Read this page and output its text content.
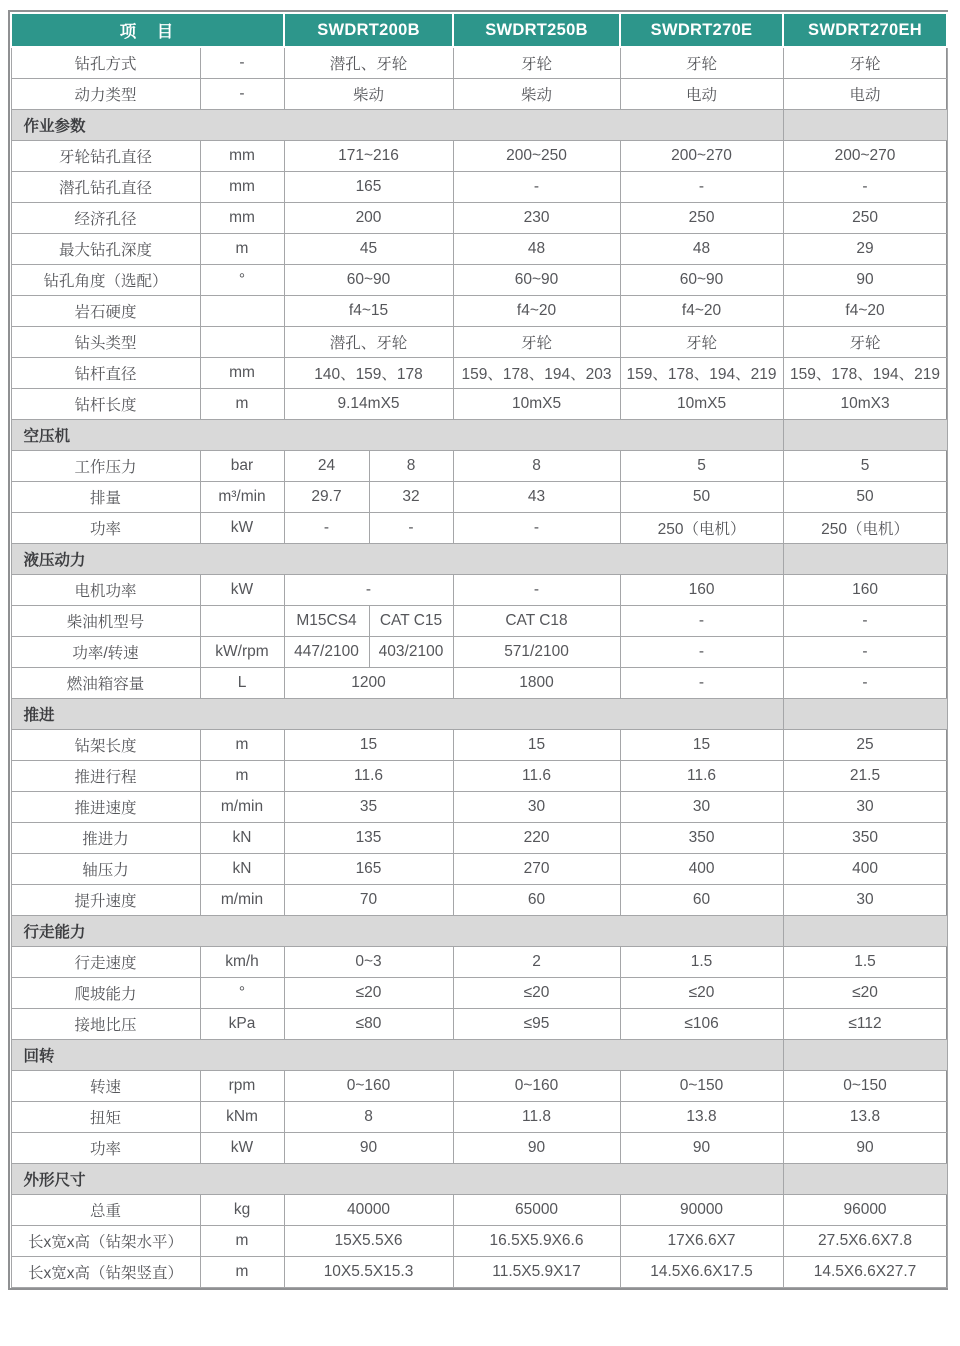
项　目		SWDRT200B		SWDRT250B	SWDRT270E	SWDRT270EH
钻孔方式	-	潜孔、牙轮		牙轮	牙轮	牙轮
动力类型	-	柴动		柴动	电动	电动
作业参数						
牙轮钻孔直径	mm	171~216		200~250	200~270	200~270
潜孔钻孔直径	mm	165		-	-	-
经济孔径	mm	200		230	250	250
最大钻孔深度	m	45		48	48	29
钻孔角度（选配）	°	60~90		60~90	60~90	90
岩石硬度		f4~15		f4~20	f4~20	f4~20
钻头类型		潜孔、牙轮		牙轮	牙轮	牙轮
钻杆直径	mm	140、159、178		159、178、194、203	159、178、194、219	159、178、194、219
钻杆长度	m	9.14mX5		10mX5	10mX5	10mX3
空压机						
工作压力	bar	24	8	8	5	5
排量	m³/min	29.7	32	43	50	50
功率	kW	-	-	-	250（电机）	250（电机）
液压动力						
电机功率	kW	-		-	160	160
柴油机型号		M15CS4	CAT C15	CAT C18	-	-
功率/转速	kW/rpm	447/2100	403/2100	571/2100	-	-
燃油箱容量	L	1200		1800	-	-
推进						
钻架长度	m	15		15	15	25
推进行程	m	11.6		11.6	11.6	21.5
推进速度	m/min	35		30	30	30
推进力	kN	135		220	350	350
轴压力	kN	165		270	400	400
提升速度	m/min	70		60	60	30
行走能力						
行走速度	km/h	0~3		2	1.5	1.5
爬坡能力	°	≤20		≤20	≤20	≤20
接地比压	kPa	≤80		≤95	≤106	≤112
回转						
转速	rpm	0~160		0~160	0~150	0~150
扭矩	kNm	8		11.8	13.8	13.8
功率	kW	90		90	90	90
外形尺寸						
总重	kg	40000		65000	90000	96000
长x宽x高（钻架水平）	m	15X5.5X6		16.5X5.9X6.6	17X6.6X7	27.5X6.6X7.8
长x宽x高（钻架竖直）	m	10X5.5X15.3		11.5X5.9X17	14.5X6.6X17.5	14.5X6.6X27.7
